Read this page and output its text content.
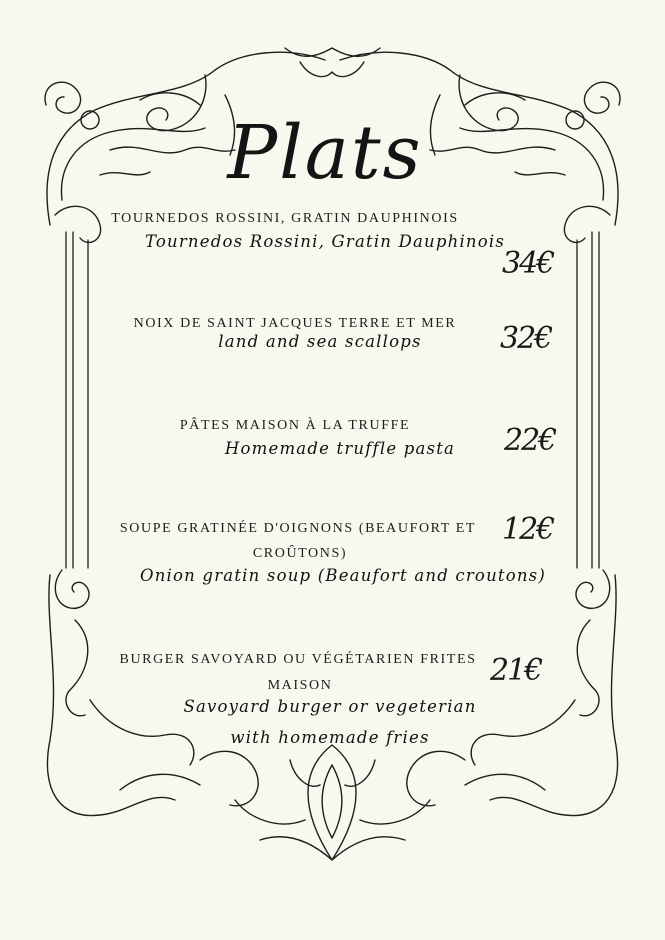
Plats
TOURNEDOS ROSSINI, GRATIN DAUPHINOIS
Tournedos Rossini, Gratin Dauphinois
34€
NOIX DE SAINT JACQUES TERRE ET MER
land and sea scallops	32€
PÂTES MAISON À LA TRUFFE
Homemade truffle pasta	22€
SOUPE GRATINÉE D'OIGNONS (BEAUFORT ET
CROÛTONS)
Onion gratin soup (Beaufort and croutons)
12€
BURGER SAVOYARD OU VÉGÉTARIEN FRITES
MAISON
Savoyard burger or vegeterian
with homemade fries
21€
